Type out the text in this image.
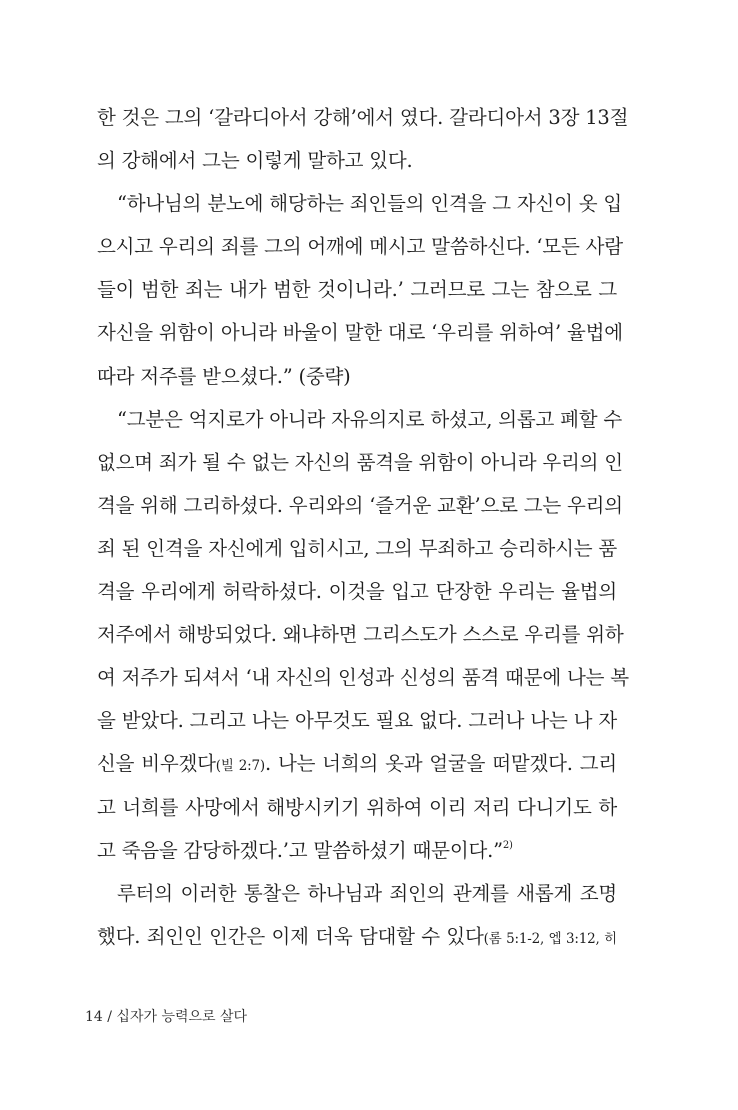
한 것은 그의 ‘갈라디아서 강해’에서 였다. 갈라디아서 3장 13절
의 강해에서 그는 이렇게 말하고 있다.
“하나님의 분노에 해당하는 죄인들의 인격을 그 자신이 옷 입
으시고 우리의 죄를 그의 어깨에 메시고 말씀하신다. ‘모든 사람
들이 범한 죄는 내가 범한 것이니라.’ 그러므로 그는 참으로 그
자신을 위함이 아니라 바울이 말한 대로 ‘우리를 위하여’ 율법에
따라 저주를 받으셨다.” (중략)
“그분은 억지로가 아니라 자유의지로 하셨고, 의롭고 폐할 수
없으며 죄가 될 수 없는 자신의 품격을 위함이 아니라 우리의 인
격을 위해 그리하셨다. 우리와의 ‘즐거운 교환’으로 그는 우리의
죄 된 인격을 자신에게 입히시고, 그의 무죄하고 승리하시는 품
격을 우리에게 허락하셨다. 이것을 입고 단장한 우리는 율법의
저주에서 해방되었다. 왜냐하면 그리스도가 스스로 우리를 위하
여 저주가 되셔서 ‘내 자신의 인성과 신성의 품격 때문에 나는 복
을 받았다. 그리고 나는 아무것도 필요 없다. 그러나 나는 나 자
신을 비우겠다(빌 2:7). 나는 너희의 옷과 얼굴을 떠맡겠다. 그리
고 너희를 사망에서 해방시키기 위하여 이리 저리 다니기도 하
고 죽음을 감당하겠다.’고 말씀하셨기 때문이다.”$^{2)}$
루터의 이러한 통찰은 하나님과 죄인의 관계를 새롭게 조명
했다. 죄인인 인간은 이제 더욱 담대할 수 있다(롬 5:1-2, 엡 3:12, 히
14 / 십자가 능력으로 살다
